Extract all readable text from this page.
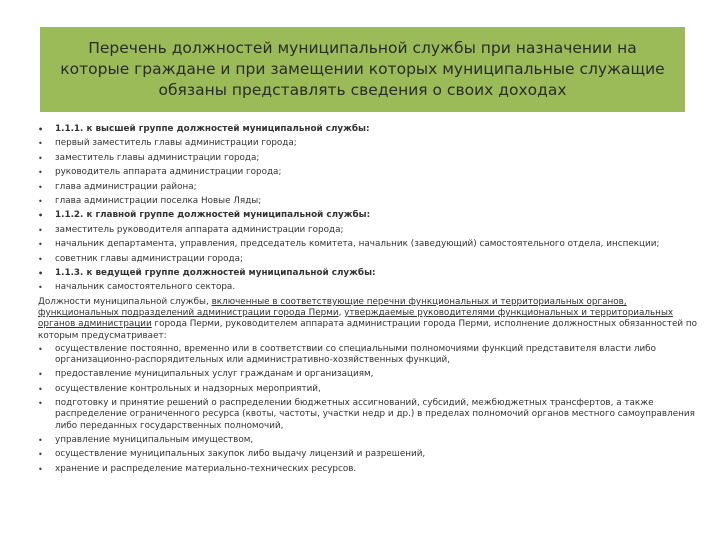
Перечень должностей муниципальной службы при назначении на которые граждане и при замещении которых муниципальные служащие обязаны представлять сведения о своих доходах
• 1.1.1. к высшей группе должностей муниципальной службы:
• первый заместитель главы администрации города;
• заместитель главы администрации города;
• руководитель аппарата администрации города;
• глава администрации района;
• глава администрации поселка Новые Ляды;
• 1.1.2. к главной группе должностей муниципальной службы:
• заместитель руководителя аппарата администрации города;
• начальник департамента, управления, председатель комитета, начальник (заведующий) самостоятельного отдела, инспекции;
• советник главы администрации города;
• 1.1.3. к ведущей группе должностей муниципальной службы:
• начальник самостоятельного сектора.

Должности муниципальной службы, включенные в соответствующие перечни функциональных и территориальных органов, функциональных подразделений администрации города Перми, утверждаемые руководителями функциональных и территориальных органов администрации города Перми, руководителем аппарата администрации города Перми, исполнение должностных обязанностей по которым предусматривает:

• осуществление постоянно, временно или в соответствии со специальными полномочиями функций представителя власти либо организационно-распорядительных или административно-хозяйственных функций,
• предоставление муниципальных услуг гражданам и организациям,
• осуществление контрольных и надзорных мероприятий,
• подготовку и принятие решений о распределении бюджетных ассигнований, субсидий, межбюджетных трансфертов, а также распределение ограниченного ресурса (квоты, частоты, участки недр и др.) в пределах полномочий органов местного самоуправления либо переданных государственных полномочий,
• управление муниципальным имуществом,
• осуществление муниципальных закупок либо выдачу лицензий и разрешений,
• хранение и распределение материально-технических ресурсов.
